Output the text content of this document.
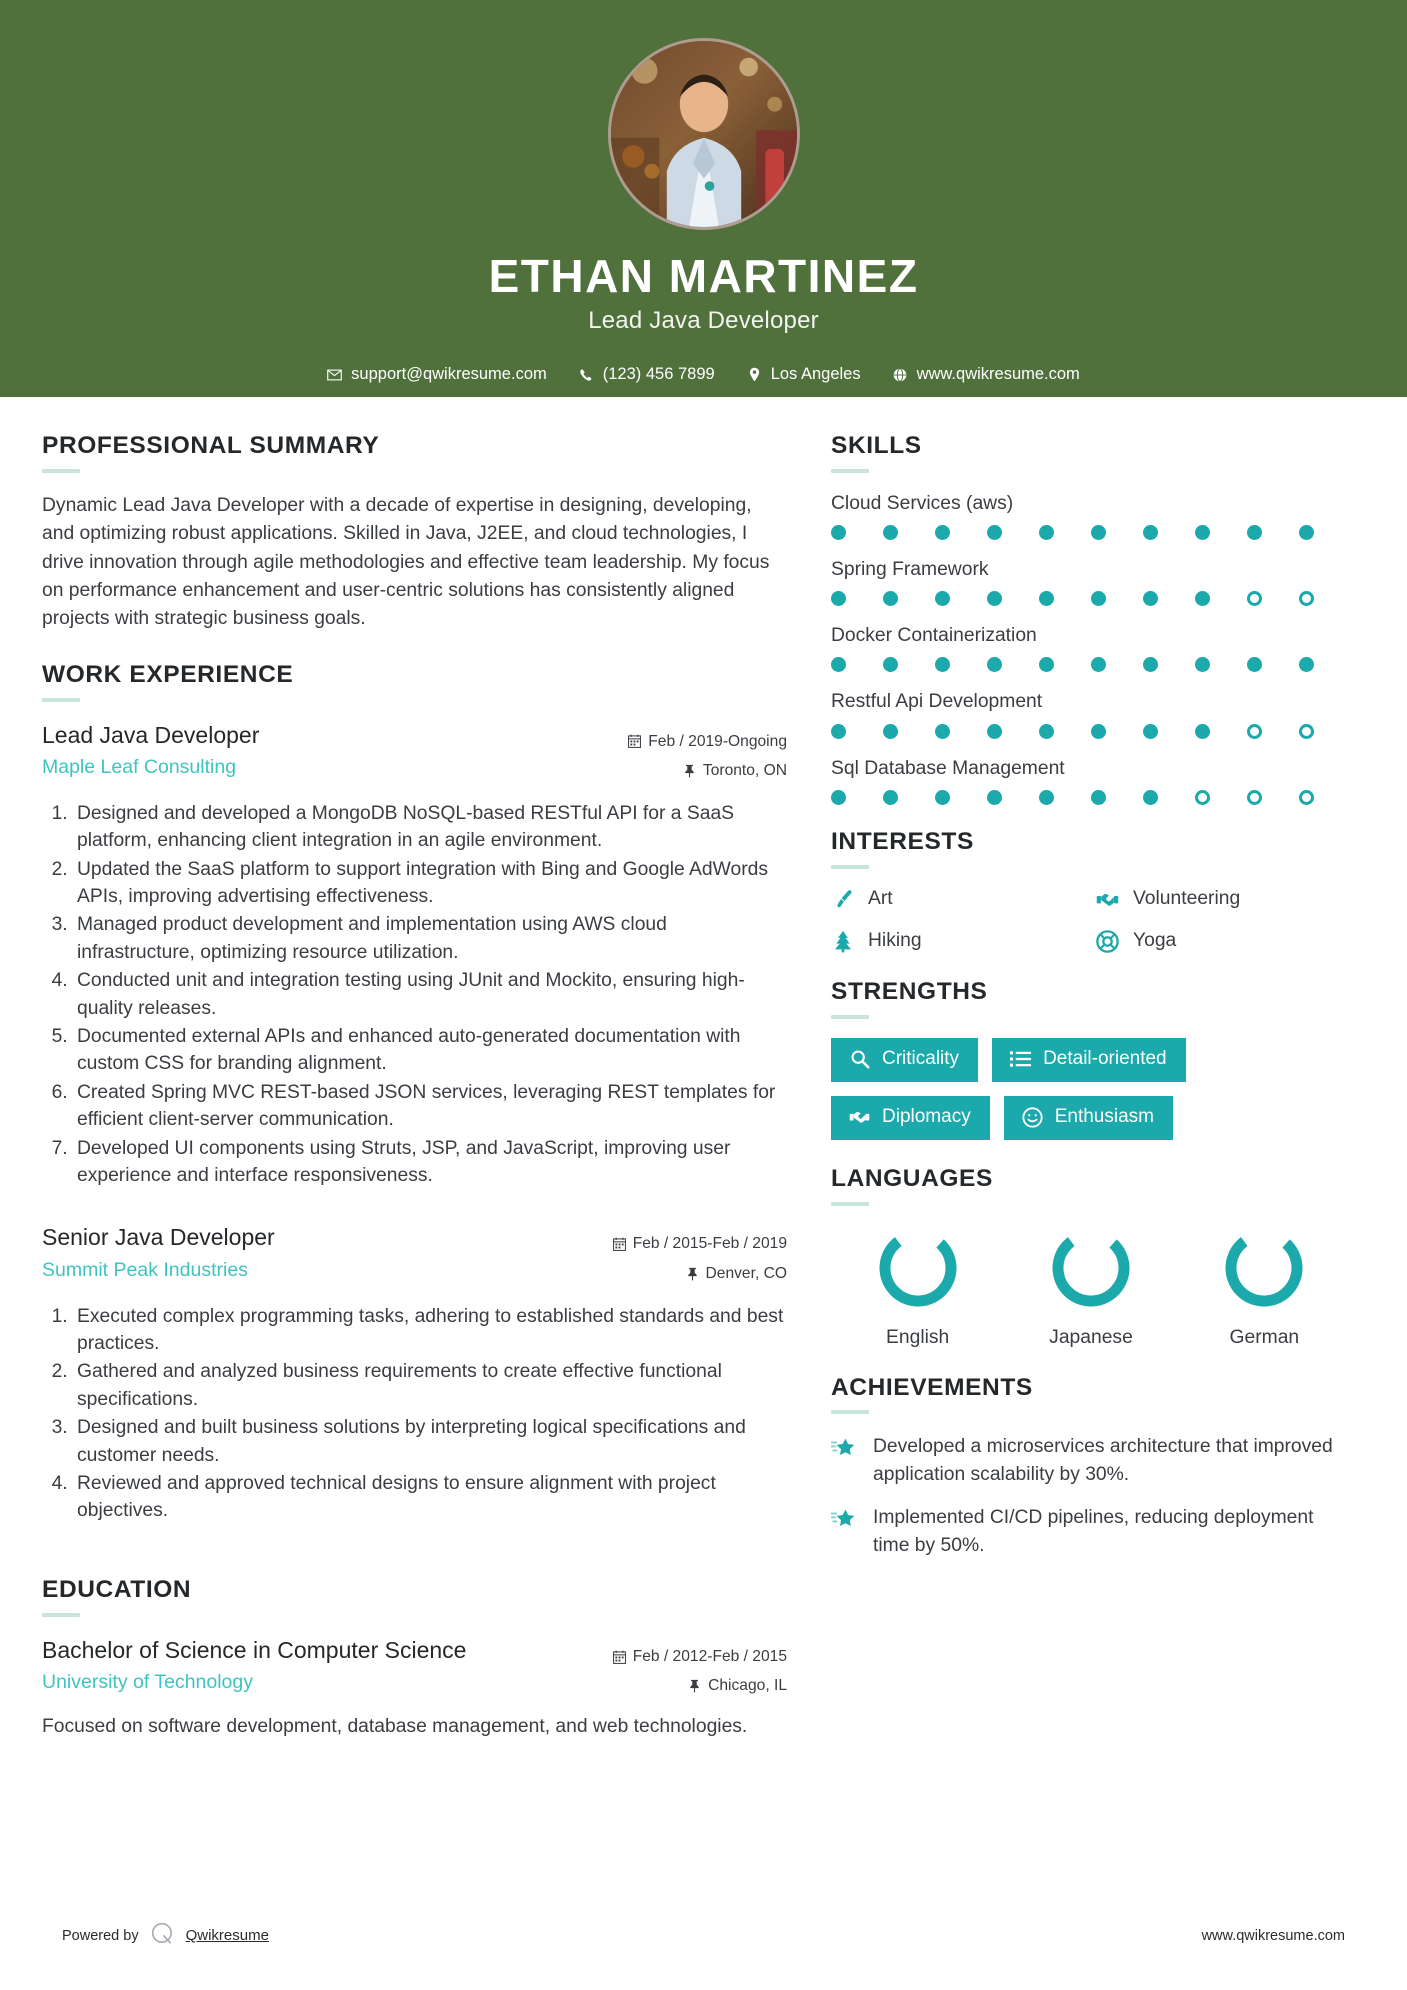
ETHAN MARTINEZ
Lead Java Developer
support@qwikresume.com	(123) 456 7899	Los Angeles	www.qwikresume.com
PROFESSIONAL SUMMARY
Dynamic Lead Java Developer with a decade of expertise in designing, developing, and optimizing robust applications. Skilled in Java, J2EE, and cloud technologies, I drive innovation through agile methodologies and effective team leadership. My focus on performance enhancement and user-centric solutions has consistently aligned projects with strategic business goals.
WORK EXPERIENCE
Lead Java Developer
Maple Leaf Consulting
Feb / 2019-Ongoing
Toronto, ON
1. Designed and developed a MongoDB NoSQL-based RESTful API for a SaaS platform, enhancing client integration in an agile environment.
2. Updated the SaaS platform to support integration with Bing and Google AdWords APIs, improving advertising effectiveness.
3. Managed product development and implementation using AWS cloud infrastructure, optimizing resource utilization.
4. Conducted unit and integration testing using JUnit and Mockito, ensuring high-quality releases.
5. Documented external APIs and enhanced auto-generated documentation with custom CSS for branding alignment.
6. Created Spring MVC REST-based JSON services, leveraging REST templates for efficient client-server communication.
7. Developed UI components using Struts, JSP, and JavaScript, improving user experience and interface responsiveness.
Senior Java Developer
Summit Peak Industries
Feb / 2015-Feb / 2019
Denver, CO
1. Executed complex programming tasks, adhering to established standards and best practices.
2. Gathered and analyzed business requirements to create effective functional specifications.
3. Designed and built business solutions by interpreting logical specifications and customer needs.
4. Reviewed and approved technical designs to ensure alignment with project objectives.
EDUCATION
Bachelor of Science in Computer Science
University of Technology
Feb / 2012-Feb / 2015
Chicago, IL
Focused on software development, database management, and web technologies.
SKILLS
Cloud Services (aws)
Spring Framework
Docker Containerization
Restful Api Development
Sql Database Management
INTERESTS
Art	Volunteering
Hiking	Yoga
STRENGTHS
Criticality	Detail-oriented
Diplomacy	Enthusiasm
LANGUAGES
English	Japanese	German
ACHIEVEMENTS
Developed a microservices architecture that improved application scalability by 30%.
Implemented CI/CD pipelines, reducing deployment time by 50%.
Powered by	Qwikresume	www.qwikresume.com
